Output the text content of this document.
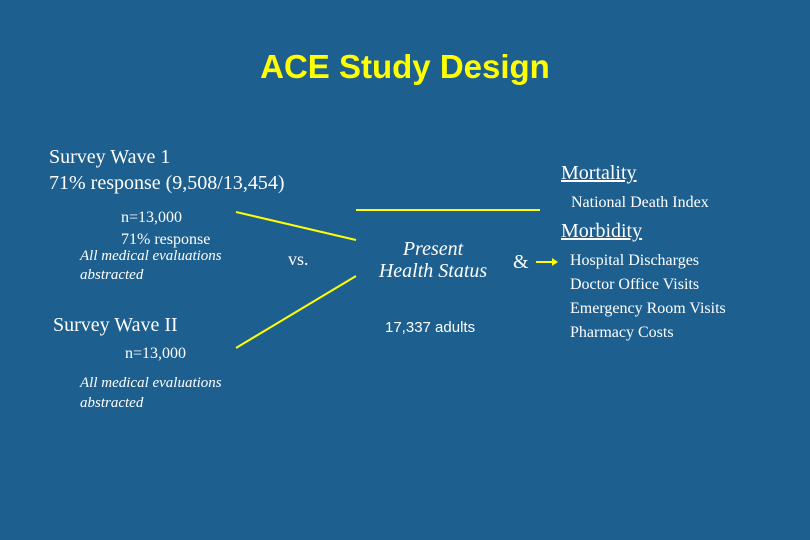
ACE Study Design
Survey Wave 1
71% response (9,508/13,454)
n=13,000
71% response
All medical evaluations
abstracted
Survey Wave II
n=13,000
All medical evaluations
abstracted
vs.	Present
Health Status
17,337 adults
&
Mortality
National Death Index
Morbidity
Hospital Discharges
Doctor Office Visits
Emergency Room Visits
Pharmacy Costs
